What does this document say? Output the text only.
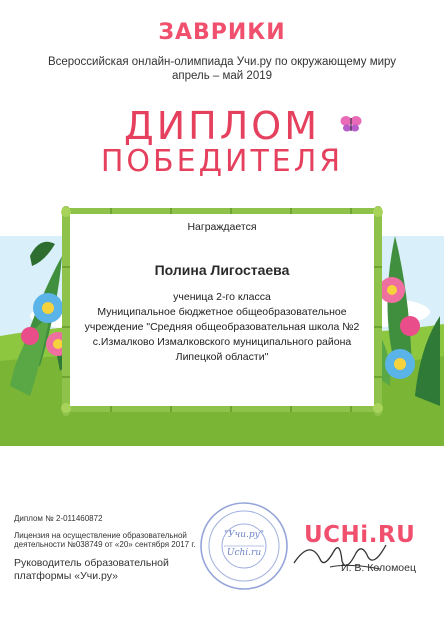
ЗАВРИКИ
Всероссийская онлайн-олимпиада Учи.ру по окружающему миру
апрель – май 2019
ДИПЛОМ
ПОБЕДИТЕЛЯ
Награждается
Полина Лигостаева
ученица 2-го класса
Муниципальное бюджетное общеобразовательное
учреждение "Средняя общеобразовательная школа №2
с.Измалково Измалковского муниципального района
Липецкой области"
Диплом № 2-011460872
Лицензия на осуществление образовательной
деятельности №038749 от «20» сентября 2017 г.
Руководитель образовательной
платформы «Учи.ру»
"Учи.ру"
Uchi.ru
UCHi.RU
И. В. Коломоец
